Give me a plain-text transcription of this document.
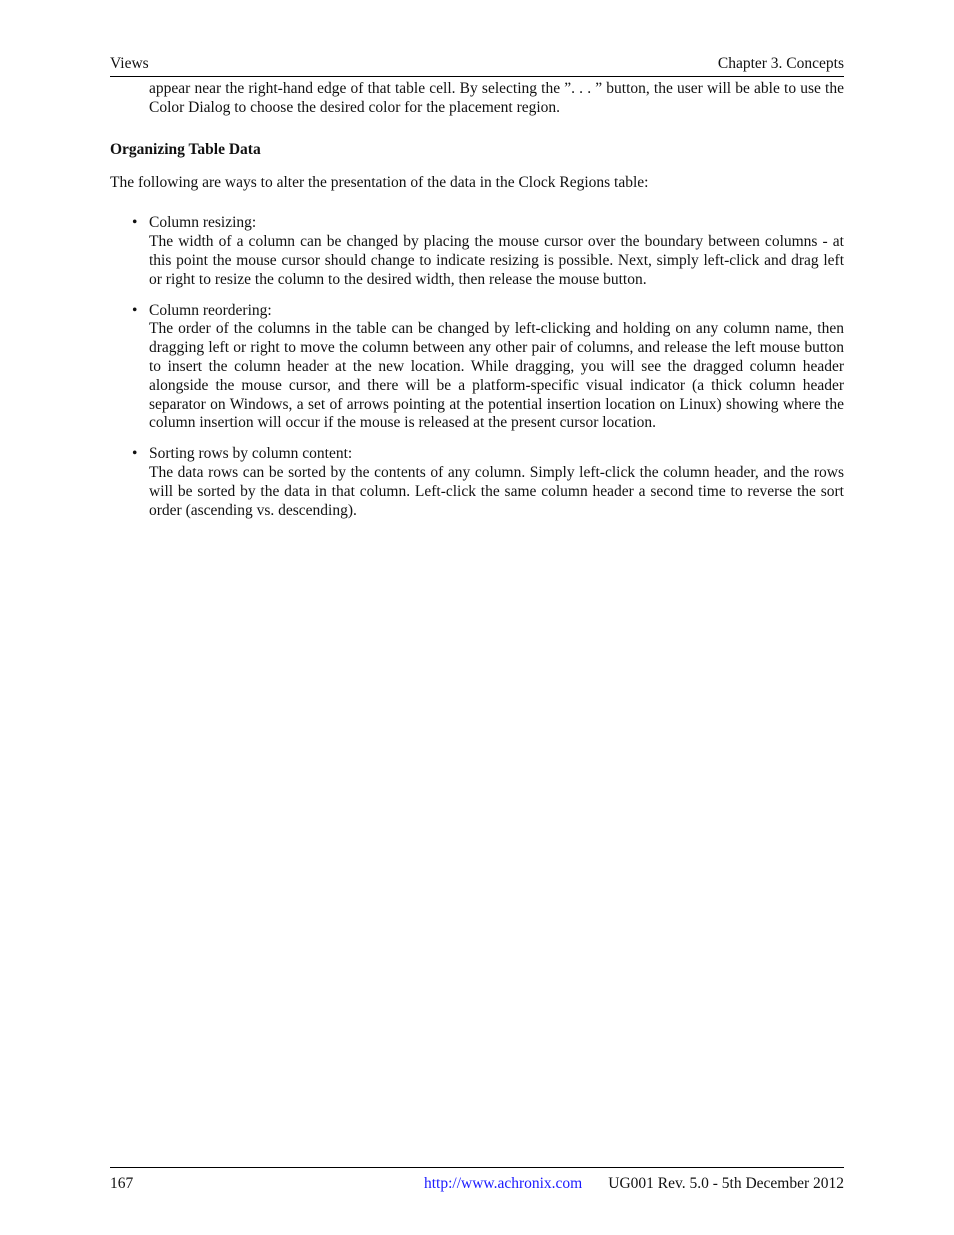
Views	Chapter 3. Concepts

appear near the right-hand edge of that table cell. By selecting the ”. . . ” button, the user will be able to use the Color Dialog to choose the desired color for the placement region.

Organizing Table Data

The following are ways to alter the presentation of the data in the Clock Regions table:

• Column resizing:
The width of a column can be changed by placing the mouse cursor over the boundary between columns - at this point the mouse cursor should change to indicate resizing is possible. Next, simply left-click and drag left or right to resize the column to the desired width, then release the mouse button.
• Column reordering:
The order of the columns in the table can be changed by left-clicking and holding on any column name, then dragging left or right to move the column between any other pair of columns, and release the left mouse button to insert the column header at the new location. While dragging, you will see the dragged column header alongside the mouse cursor, and there will be a platform-specific visual indicator (a thick column header separator on Windows, a set of arrows pointing at the potential insertion location on Linux) showing where the column insertion will occur if the mouse is released at the present cursor location.
• Sorting rows by column content:
The data rows can be sorted by the contents of any column. Simply left-click the column header, and the rows will be sorted by the data in that column. Left-click the same column header a second time to reverse the sort order (ascending vs. descending).
167	http://www.achronix.com UG001 Rev. 5.0 - 5th December 2012
